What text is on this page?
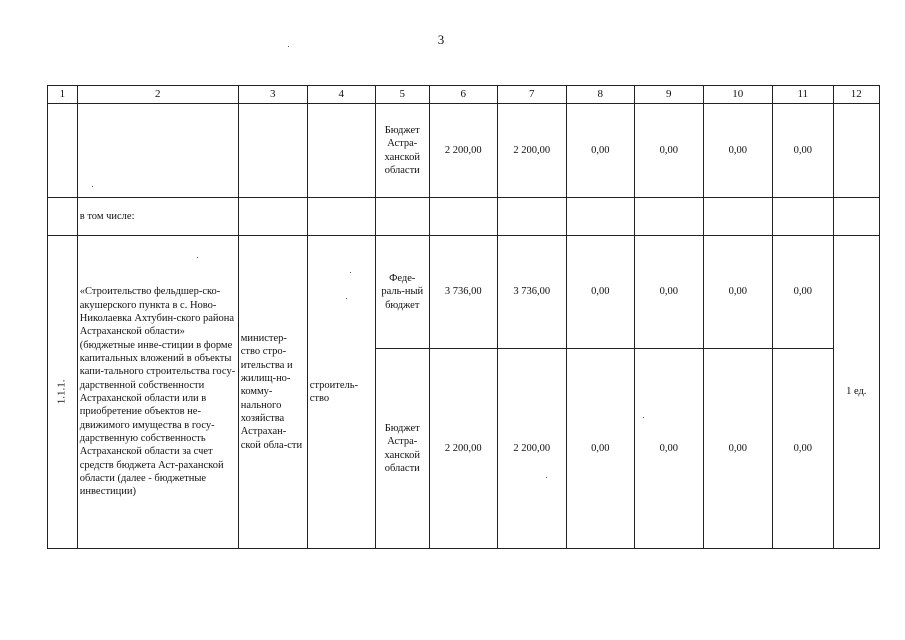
3
1	2	3	4	5	6	7	8	9	10	11	12
				Бюджет Астра-ханской области	2 200,00	2 200,00	0,00	0,00	0,00	0,00	
	в том числе:										
1.1.1.	«Строительство фельдшер-ско-акушерского пункта в с. Ново-Николаевка Ахтубин-ского района Астраханской области» (бюджетные инве-стиции в форме капитальных вложений в объекты капи-тального строительства госу-дарственной собственности Астраханской области или в приобретение объектов не-движимого имущества в госу-дарственную собственность Астраханской области за счет средств бюджета Аст-раханской области (далее - бюджетные инвестиции)	министер-ство стро-ительства и жилищ-но-комму-нального хозяйства Астрахан-ской обла-сти	строитель-ство	Феде-раль-ный бюджет	3 736,00	3 736,00	0,00	0,00	0,00	0,00	1 ед.
				Бюджет Астра-ханской области	2 200,00	2 200,00	0,00	0,00	0,00	0,00	
